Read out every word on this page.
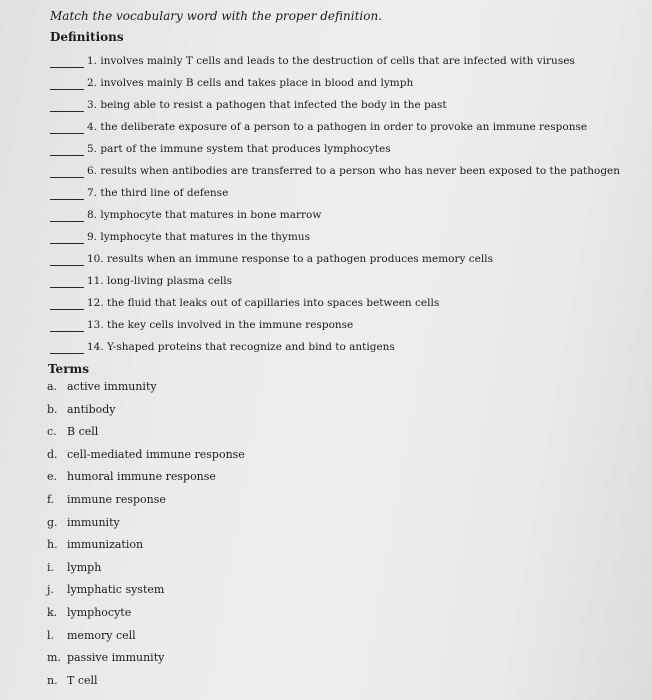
Match the vocabulary word with the proper definition.
Definitions
1. involves mainly T cells and leads to the destruction of cells that are infected with viruses
2. involves mainly B cells and takes place in blood and lymph
3. being able to resist a pathogen that infected the body in the past
4. the deliberate exposure of a person to a pathogen in order to provoke an immune response
5. part of the immune system that produces lymphocytes
6. results when antibodies are transferred to a person who has never been exposed to the pathogen
7. the third line of defense
8. lymphocyte that matures in bone marrow
9. lymphocyte that matures in the thymus
10. results when an immune response to a pathogen produces memory cells
11. long-living plasma cells
12. the fluid that leaks out of capillaries into spaces between cells
13. the key cells involved in the immune response
14. Y-shaped proteins that recognize and bind to antigens
Terms
a. active immunity
b. antibody
c. B cell
d. cell-mediated immune response
e. humoral immune response
f. immune response
g. immunity
h. immunization
i. lymph
j. lymphatic system
k. lymphocyte
l. memory cell
m. passive immunity
n. T cell
